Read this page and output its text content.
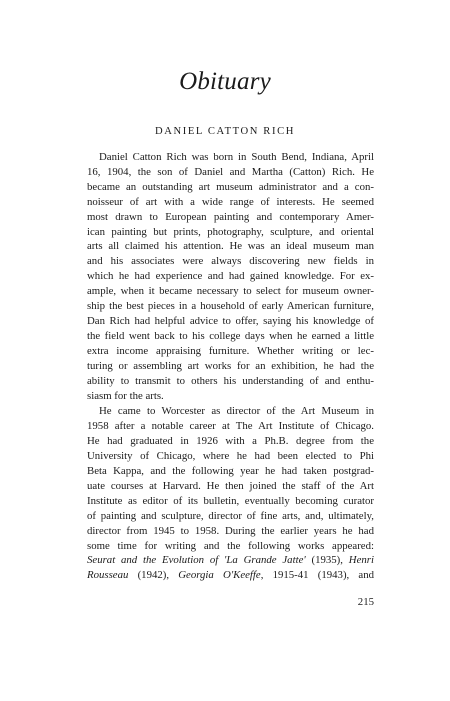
Obituary
DANIEL CATTON RICH

Daniel Catton Rich was born in South Bend, Indiana, April
16, 1904, the son of Daniel and Martha (Catton) Rich. He
became an outstanding art museum administrator and a con-
noisseur of art with a wide range of interests. He seemed
most drawn to European painting and contemporary Amer-
ican painting but prints, photography, sculpture, and oriental
arts all claimed his attention. He was an ideal museum man
and his associates were always discovering new fields in
which he had experience and had gained knowledge. For ex-
ample, when it became necessary to select for museum owner-
ship the best pieces in a household of early American furniture,
Dan Rich had helpful advice to offer, saying his knowledge of
the field went back to his college days when he earned a little
extra income appraising furniture. Whether writing or lec-
turing or assembling art works for an exhibition, he had the
ability to transmit to others his understanding of and enthu-
siasm for the arts.

He came to Worcester as director of the Art Museum in
1958 after a notable career at The Art Institute of Chicago.
He had graduated in 1926 with a Ph.B. degree from the
University of Chicago, where he had been elected to Phi
Beta Kappa, and the following year he had taken postgrad-
uate courses at Harvard. He then joined the staff of the Art
Institute as editor of its bulletin, eventually becoming curator
of painting and sculpture, director of fine arts, and, ultimately,
director from 1945 to 1958. During the earlier years he had
some time for writing and the following works appeared:
Seurat and the Evolution of 'La Grande Jatte' (1935), Henri
Rousseau (1942), Georgia O'Keeffe, 1915-41 (1943), and

215
